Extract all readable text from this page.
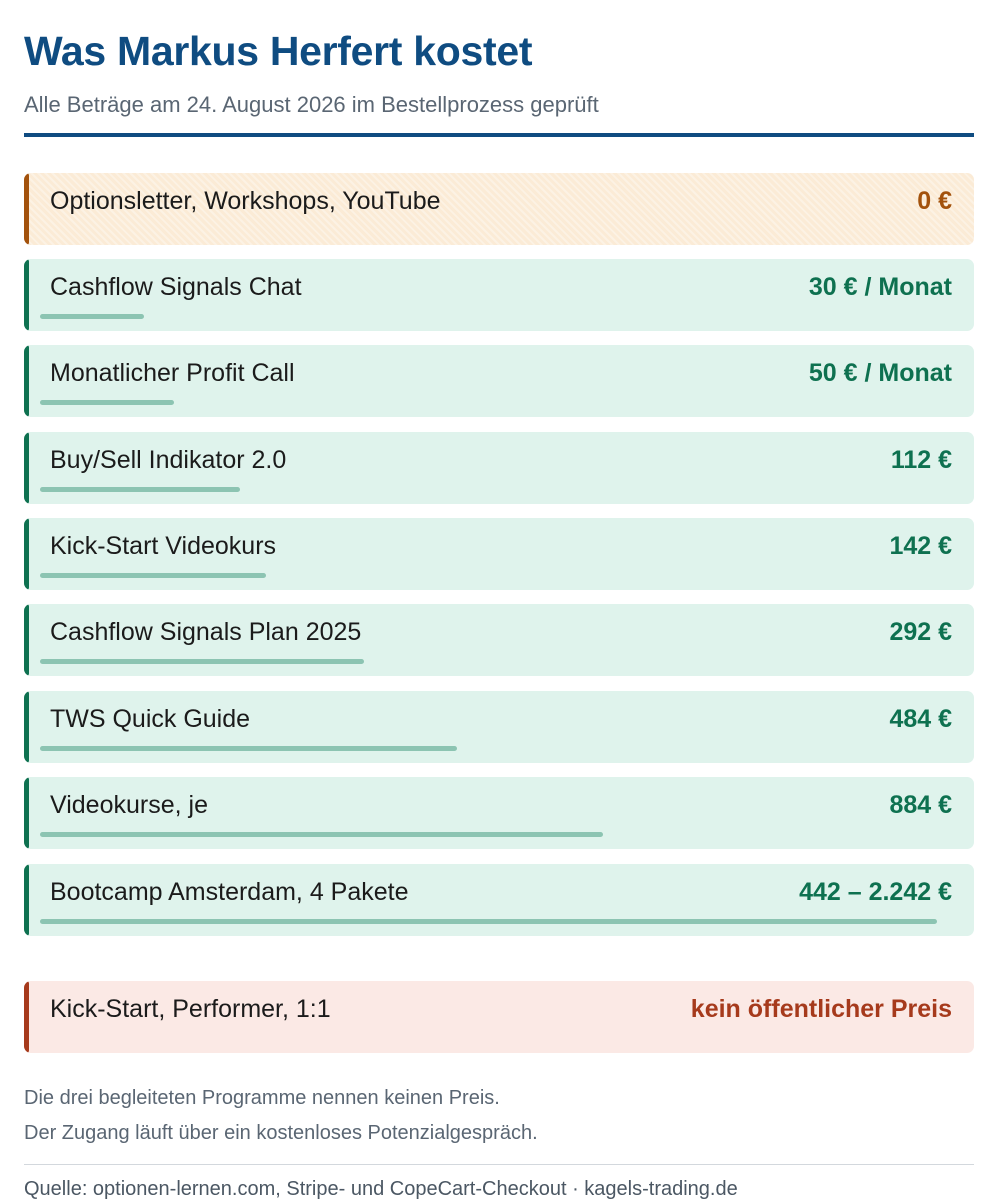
Was Markus Herfert kostet
Alle Beträge am 24. August 2026 im Bestellprozess geprüft
Optionsletter, Workshops, YouTube	0 €
Cashflow Signals Chat	30 € / Monat
Monatlicher Profit Call	50 € / Monat
Buy/Sell Indikator 2.0	112 €
Kick-Start Videokurs	142 €
Cashflow Signals Plan 2025	292 €
TWS Quick Guide	484 €
Videokurse, je	884 €
Bootcamp Amsterdam, 4 Pakete	442 – 2.242 €
Kick-Start, Performer, 1:1	kein öffentlicher Preis
Die drei begleiteten Programme nennen keinen Preis.
Der Zugang läuft über ein kostenloses Potenzialgespräch.
Quelle: optionen-lernen.com, Stripe- und CopeCart-Checkout · kagels-trading.de
